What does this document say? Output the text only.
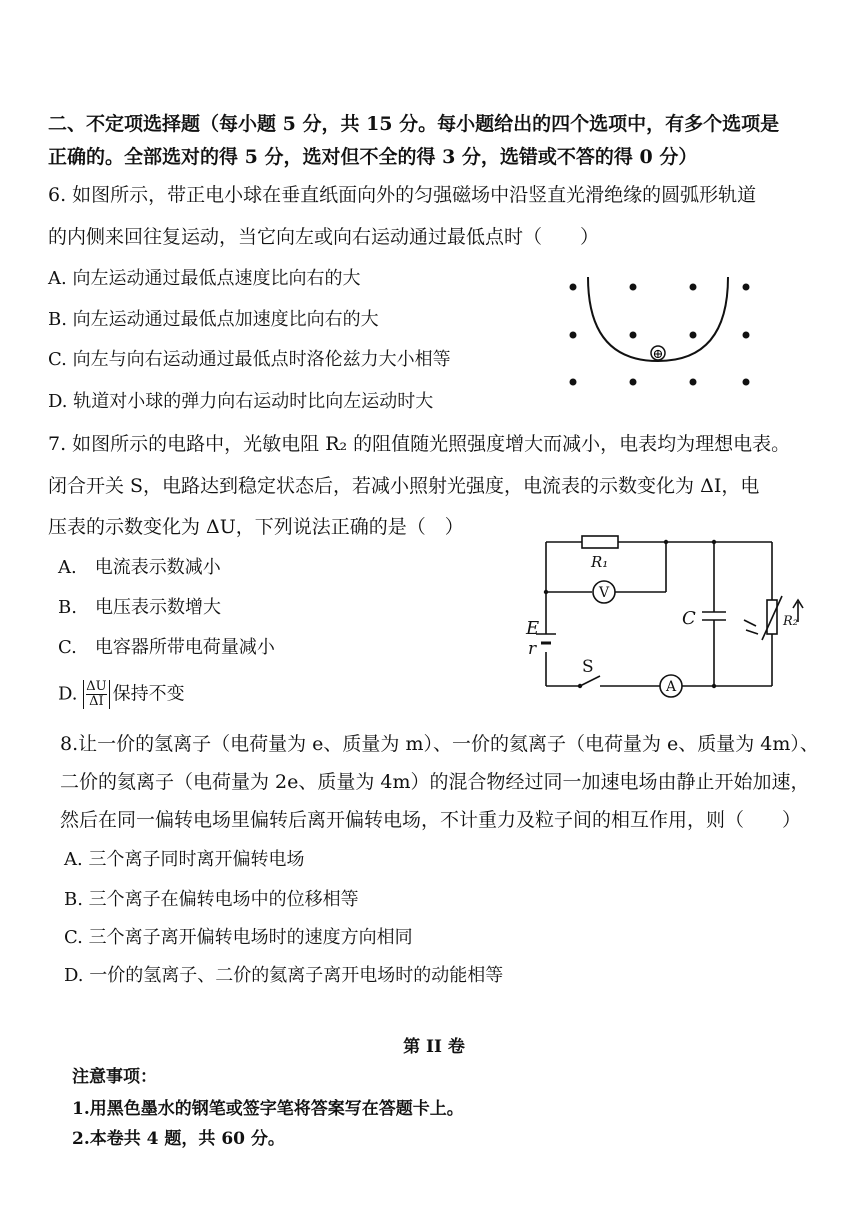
二、不定项选择题（每小题 5 分，共 15 分。每小题给出的四个选项中，有多个选项是
正确的。全部选对的得 5 分，选对但不全的得 3 分，选错或不答的得 0 分）
6. 如图所示，带正电小球在垂直纸面向外的匀强磁场中沿竖直光滑绝缘的圆弧形轨道
的内侧来回往复运动，当它向左或向右运动通过最低点时（　　）
A. 向左运动通过最低点速度比向右的大
B. 向左运动通过最低点加速度比向右的大
C. 向左与向右运动通过最低点时洛伦兹力大小相等
D. 轨道对小球的弹力向右运动时比向左运动时大
⊕
7. 如图所示的电路中，光敏电阻 R₂ 的阻值随光照强度增大而减小，电表均为理想电表。
闭合开关 S，电路达到稳定状态后，若减小照射光强度，电流表的示数变化为 ΔI，电
压表的示数变化为 ΔU，下列说法正确的是（　）
A.　电流表示数减小
B.　电压表示数增大
C.　电容器所带电荷量减小
D. $\frac{\Delta U}{\Delta I}$ 保持不变
R₁
V
A
C	R₂
E
r
S
8.让一价的氢离子（电荷量为 e、质量为 m）、一价的氦离子（电荷量为 e、质量为 4m）、
二价的氦离子（电荷量为 2e、质量为 4m）的混合物经过同一加速电场由静止开始加速，
然后在同一偏转电场里偏转后离开偏转电场，不计重力及粒子间的相互作用，则（　　）
A. 三个离子同时离开偏转电场
B. 三个离子在偏转电场中的位移相等
C. 三个离子离开偏转电场时的速度方向相同
D. 一价的氢离子、二价的氦离子离开电场时的动能相等
第 II 卷
注意事项：
1.用黑色墨水的钢笔或签字笔将答案写在答题卡上。
2.本卷共 4 题，共 60 分。
